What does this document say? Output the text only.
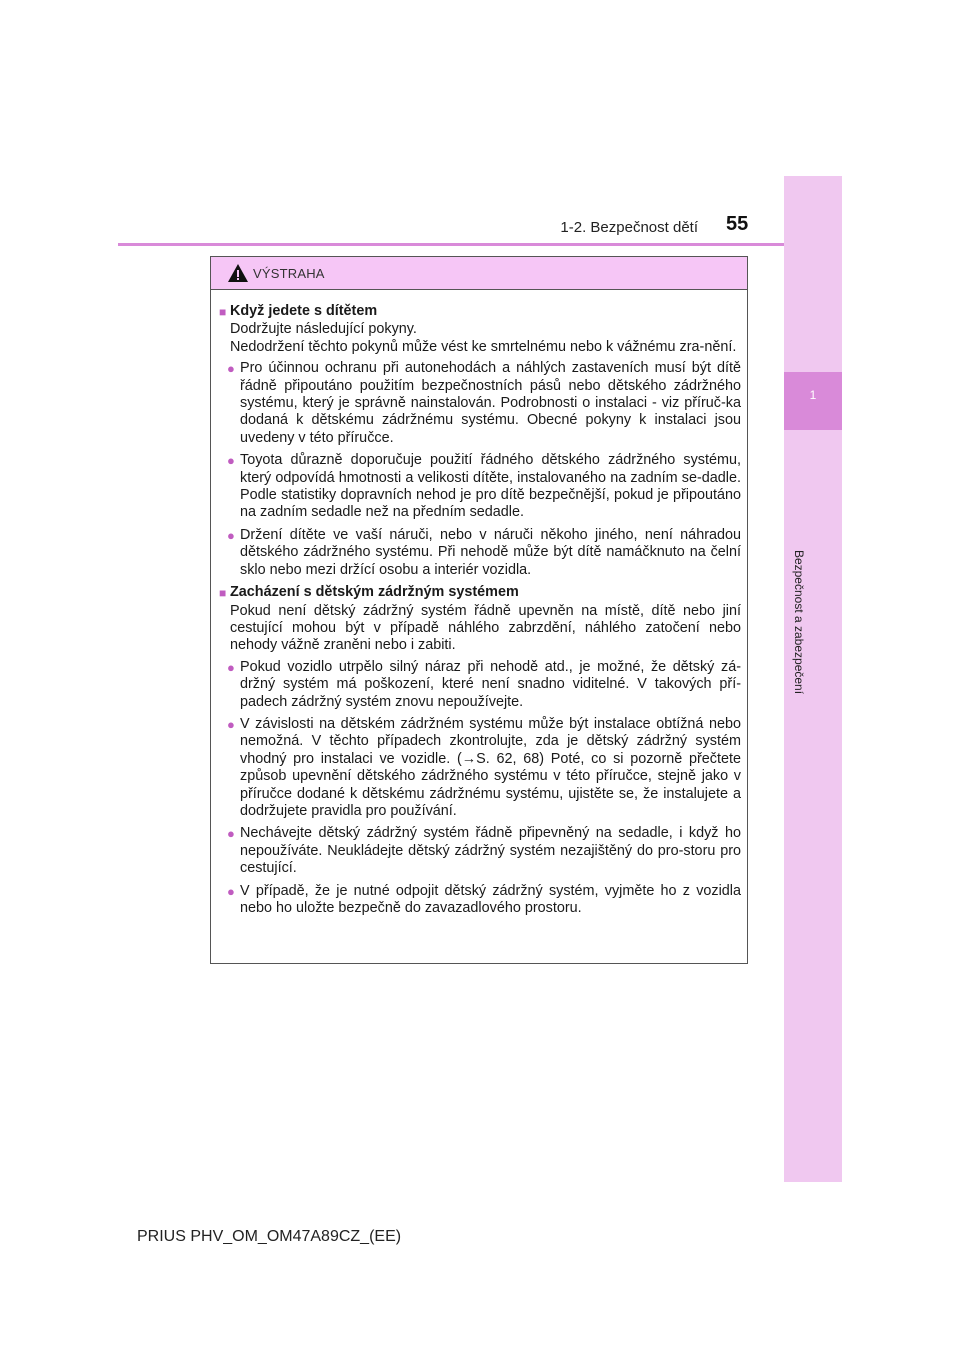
1
Bezpečnost a zabezpečení
1-2. Bezpečnost dětí 55
VÝSTRAHA
■ Když jedete s dítětem
Dodržujte následující pokyny.
Nedodržení těchto pokynů může vést ke smrtelnému nebo k vážnému zra-nění.
● Pro účinnou ochranu při autonehodách a náhlých zastaveních musí být dítě řádně připoutáno použitím bezpečnostních pásů nebo dětského zádržného systému, který je správně nainstalován. Podrobnosti o instalaci - viz příruč-ka dodaná k dětskému zádržnému systému. Obecné pokyny k instalaci jsou uvedeny v této příručce.
● Toyota důrazně doporučuje použití řádného dětského zádržného systému, který odpovídá hmotnosti a velikosti dítěte, instalovaného na zadním se-dadle. Podle statistiky dopravních nehod je pro dítě bezpečnější, pokud je připoutáno na zadním sedadle než na předním sedadle.
● Držení dítěte ve vaší náruči, nebo v náruči někoho jiného, není náhradou dětského zádržného systému. Při nehodě může být dítě namáčknuto na čelní sklo nebo mezi držící osobu a interiér vozidla.
■ Zacházení s dětským zádržným systémem
Pokud není dětský zádržný systém řádně upevněn na místě, dítě nebo jiní cestující mohou být v případě náhlého zabrzdění, náhlého zatočení nebo nehody vážně zraněni nebo i zabiti.
● Pokud vozidlo utrpělo silný náraz při nehodě atd., je možné, že dětský zá-držný systém má poškození, které není snadno viditelné. V takových pří-padech zádržný systém znovu nepoužívejte.
● V závislosti na dětském zádržném systému může být instalace obtížná nebo nemožná. V těchto případech zkontrolujte, zda je dětský zádržný systém vhodný pro instalaci ve vozidle. (→S. 62, 68) Poté, co si pozorně přečtete způsob upevnění dětského zádržného systému v této příručce, stejně jako v příručce dodané k dětskému zádržnému systému, ujistěte se, že instalujete a dodržujete pravidla pro používání.
● Nechávejte dětský zádržný systém řádně připevněný na sedadle, i když ho nepoužíváte. Neukládejte dětský zádržný systém nezajištěný do pro-storu pro cestující.
● V případě, že je nutné odpojit dětský zádržný systém, vyjměte ho z vozidla nebo ho uložte bezpečně do zavazadlového prostoru.
PRIUS PHV_OM_OM47A89CZ_(EE)
